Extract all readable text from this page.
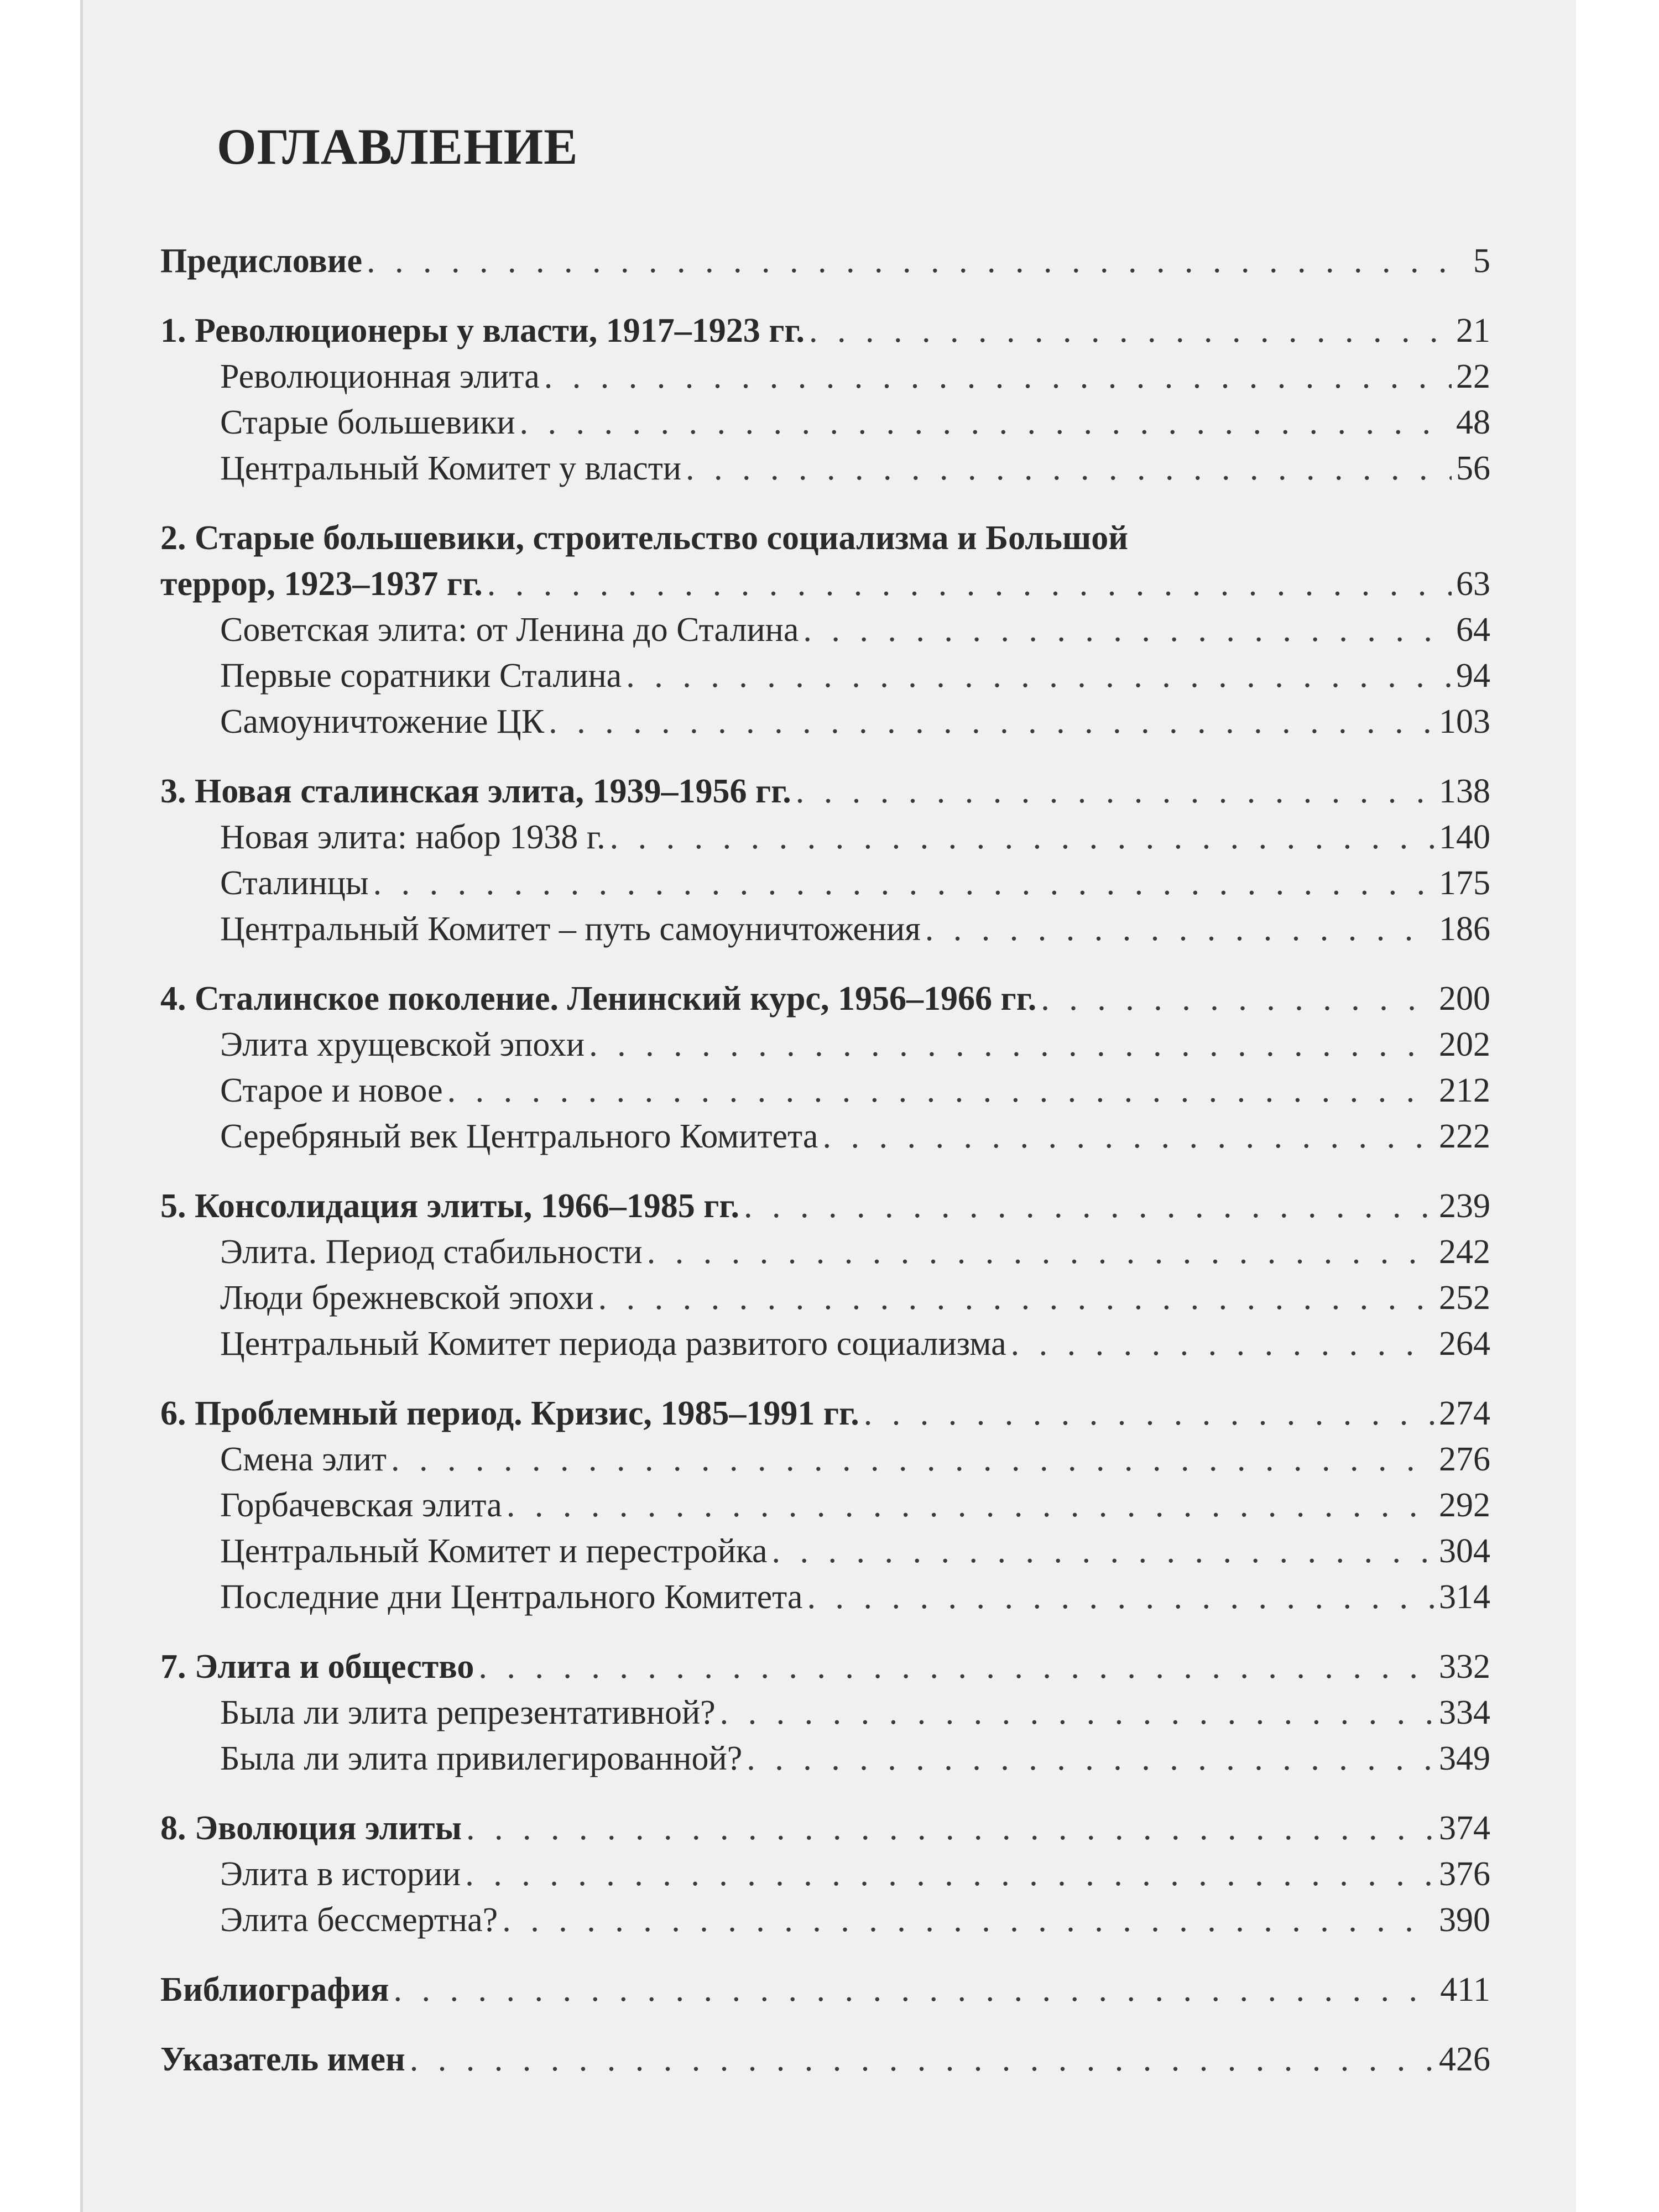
ОГЛАВЛЕНИЕ
Предисловие . . .	5
1. Революционеры у власти, 1917–1923 гг. . . .	21
Революционная элита . . .	22
Старые большевики . . .	48
Центральный Комитет у власти . . .	56
2. Старые большевики, строительство социализма и Большой
террор, 1923–1937 гг. . . .	63
Советская элита: от Ленина до Сталина . . .	64
Первые соратники Сталина . . .	94
Самоуничтожение ЦК . . .	103
3. Новая сталинская элита, 1939–1956 гг. . . .	138
Новая элита: набор 1938 г. . . .	140
Сталинцы . . .	175
Центральный Комитет – путь самоуничтожения . . .	186
4. Сталинское поколение. Ленинский курс, 1956–1966 гг. . . .	200
Элита хрущевской эпохи . . .	202
Старое и новое . . .	212
Серебряный век Центрального Комитета . . .	222
5. Консолидация элиты, 1966–1985 гг. . . .	239
Элита. Период стабильности . . .	242
Люди брежневской эпохи . . .	252
Центральный Комитет периода развитого социализма . . .	264
6. Проблемный период. Кризис, 1985–1991 гг. . . .	274
Смена элит . . .	276
Горбачевская элита . . .	292
Центральный Комитет и перестройка . . .	304
Последние дни Центрального Комитета . . .	314
7. Элита и общество . . .	332
Была ли элита репрезентативной? . . .	334
Была ли элита привилегированной? . . .	349
8. Эволюция элиты . . .	374
Элита в истории . . .	376
Элита бессмертна? . . .	390
Библиография . . .	411
Указатель имен . . .	426
